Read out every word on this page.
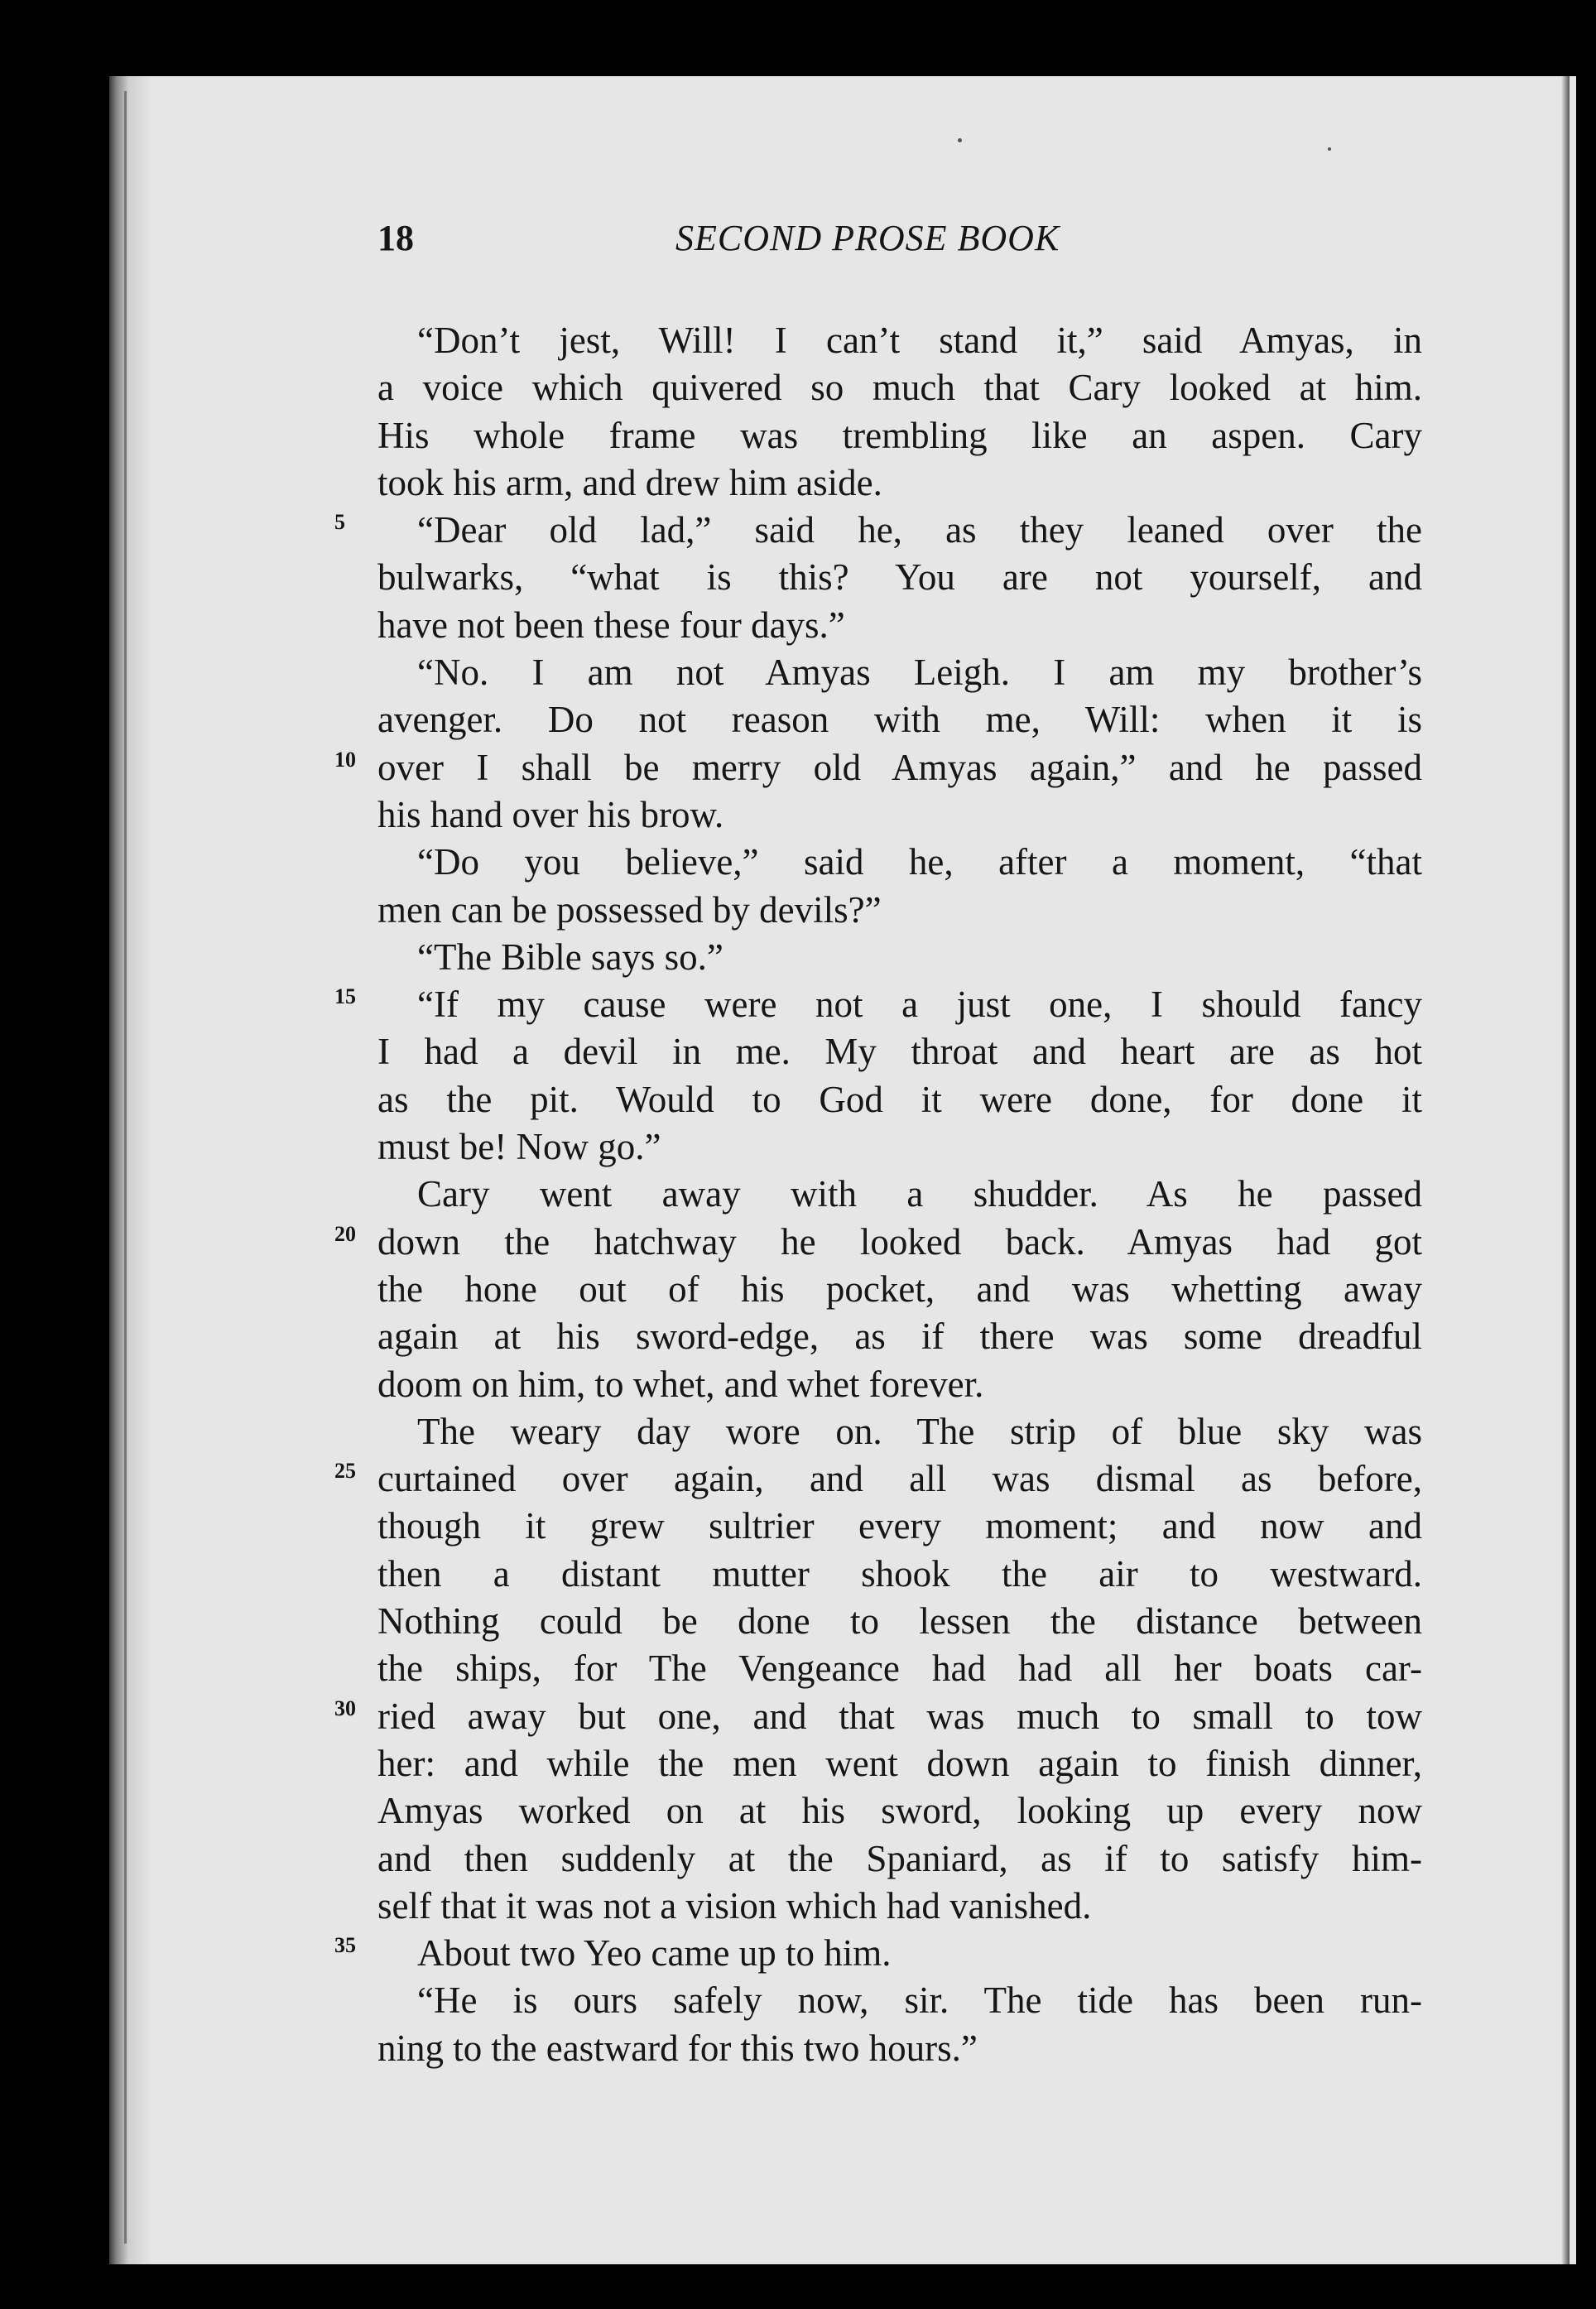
18	SECOND PROSE BOOK
“Don’t jest, Will! I can’t stand it,” said Amyas, in
a voice which quivered so much that Cary looked at him.
His whole frame was trembling like an aspen. Cary
took his arm, and drew him aside.
“Dear old lad,” said he, as they leaned over the
5
bulwarks, “what is this? You are not yourself, and
have not been these four days.”
“No. I am not Amyas Leigh. I am my brother’s
avenger. Do not reason with me, Will: when it is
over I shall be merry old Amyas again,” and he passed
10
his hand over his brow.
“Do you believe,” said he, after a moment, “that
men can be possessed by devils?”
“The Bible says so.”
“If my cause were not a just one, I should fancy
15
I had a devil in me. My throat and heart are as hot
as the pit. Would to God it were done, for done it
must be! Now go.”
Cary went away with a shudder. As he passed
down the hatchway he looked back. Amyas had got
20
the hone out of his pocket, and was whetting away
again at his sword-edge, as if there was some dreadful
doom on him, to whet, and whet forever.
The weary day wore on. The strip of blue sky was
curtained over again, and all was dismal as before,
25
though it grew sultrier every moment; and now and
then a distant mutter shook the air to westward.
Nothing could be done to lessen the distance between
the ships, for The Vengeance had had all her boats car-
ried away but one, and that was much to small to tow
30
her: and while the men went down again to finish dinner,
Amyas worked on at his sword, looking up every now
and then suddenly at the Spaniard, as if to satisfy him-
self that it was not a vision which had vanished.
About two Yeo came up to him.
35
“He is ours safely now, sir. The tide has been run-
ning to the eastward for this two hours.”
